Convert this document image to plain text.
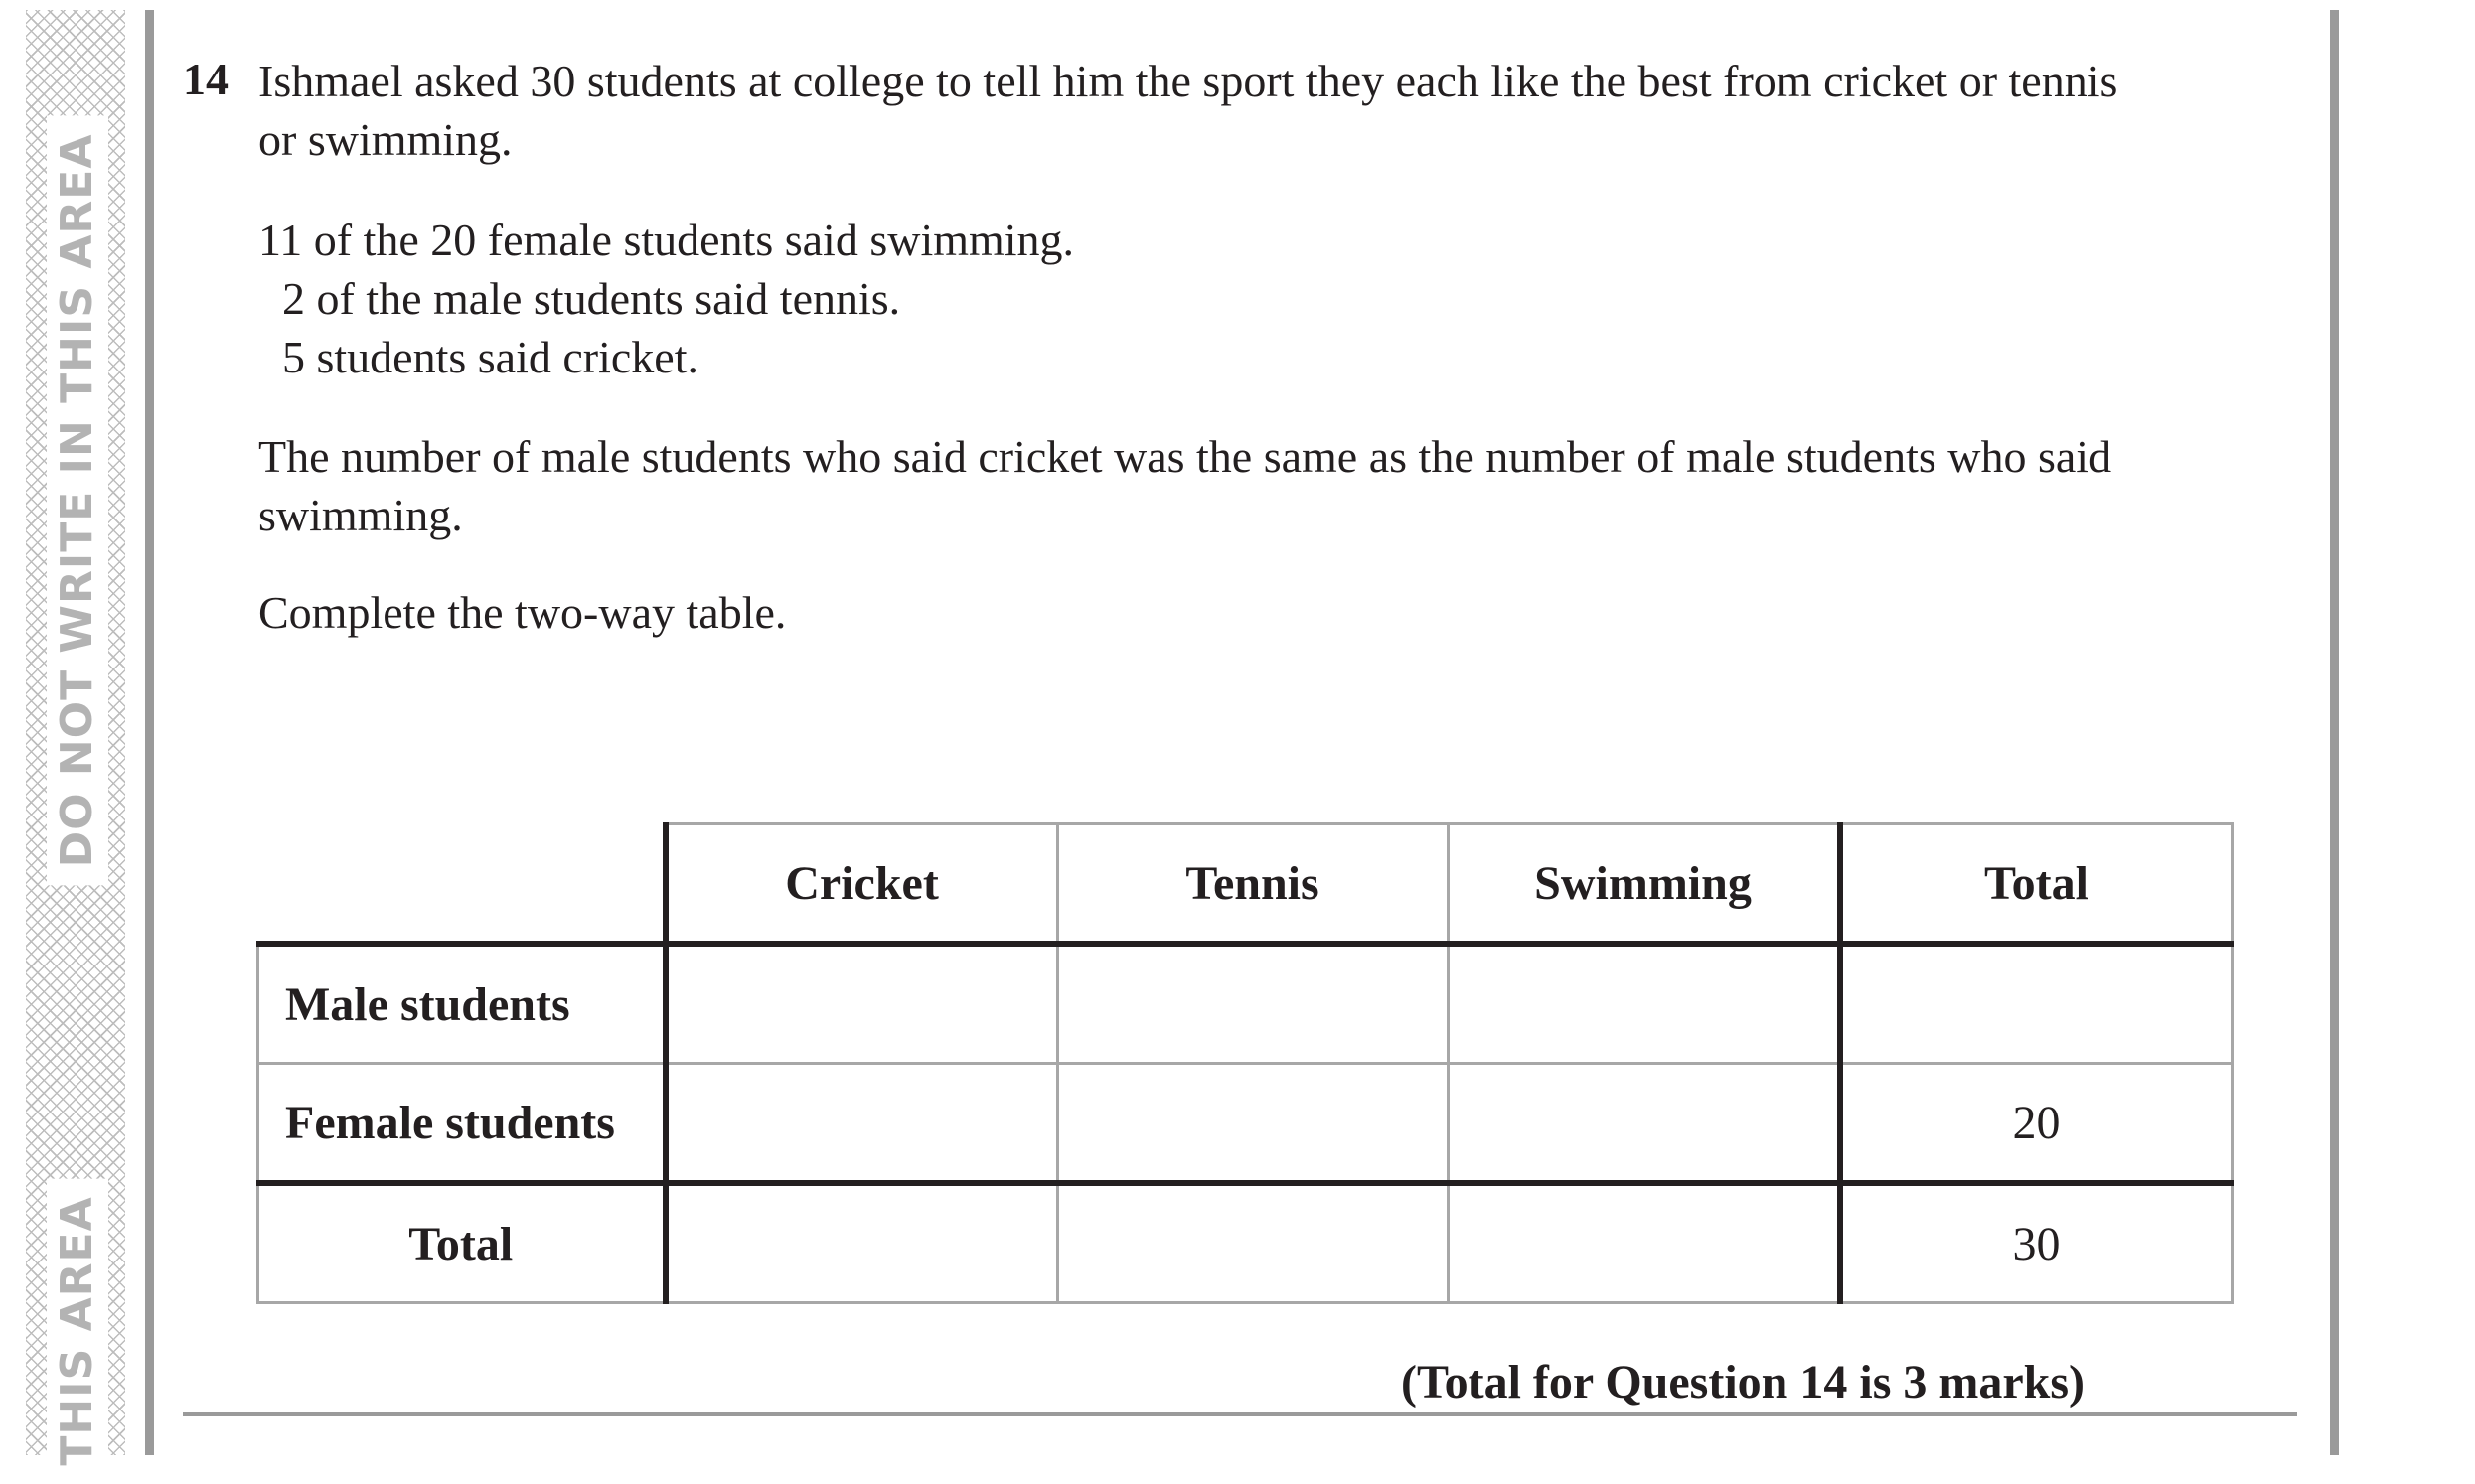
DO NOT WRITE IN THIS AREA
THIS AREA
14 Ishmael asked 30 students at college to tell him the sport they each like the best from cricket or tennis or swimming.

11 of the 20 female students said swimming.
2 of the male students said tennis.
5 students said cricket.

The number of male students who said cricket was the same as the number of male students who said swimming.

Complete the two-way table.

	Cricket	Tennis	Swimming	Total
Male students				
Female students				20
Total				30
(Total for Question 14 is 3 marks)
